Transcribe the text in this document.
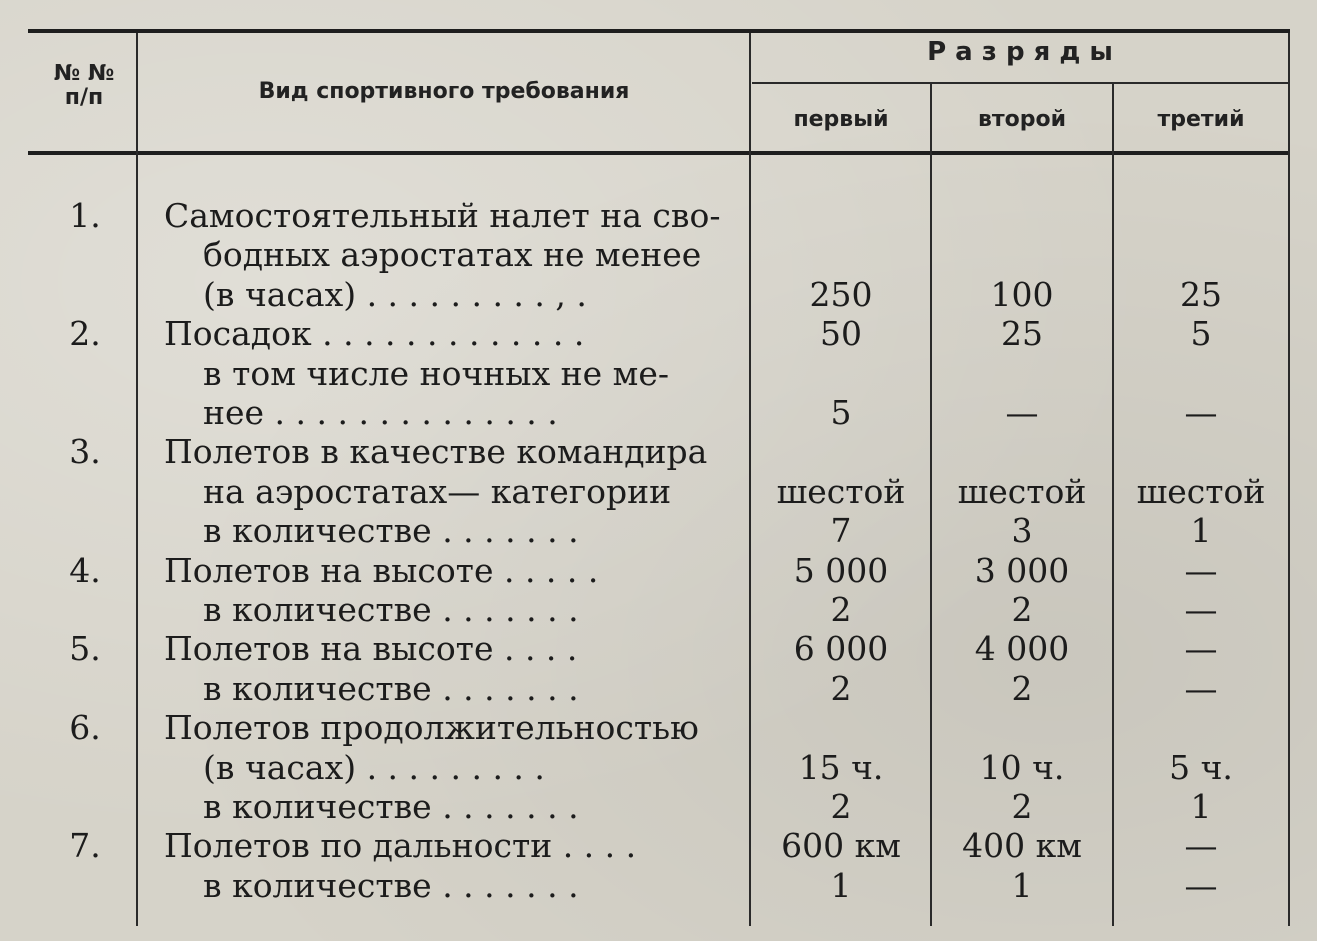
№ №
п/п	Вид спортивного требования
Р а з р я д ы
первый	второй	третий
1.	Самостоятельный налет на сво-
бодных аэростатах не менее
(в часах) . . . . . . . . . , .	250	100	25
2.	Посадок . . . . . . . . . . . . .	50	25	5
в том числе ночных не ме-
нее . . . . . . . . . . . . . .	5	—	—
3.	Полетов в качестве командира
на аэростатах— категории	шестой	шестой	шестой
в количестве . . . . . . .	7	3	1
4.	Полетов на высоте . . . . .	5 000	3 000	—
в количестве . . . . . . .	2	2	—
5.	Полетов на высоте . . . .	6 000	4 000	—
в количестве . . . . . . .	2	2	—
6.	Полетов продолжительностью
(в часах) . . . . . . . . .	15 ч.	10 ч.	5 ч.
в количестве . . . . . . .	2	2	1
7.	Полетов по дальности . . . .	600 км	400 км	—
в количестве . . . . . . .	1	1	—
